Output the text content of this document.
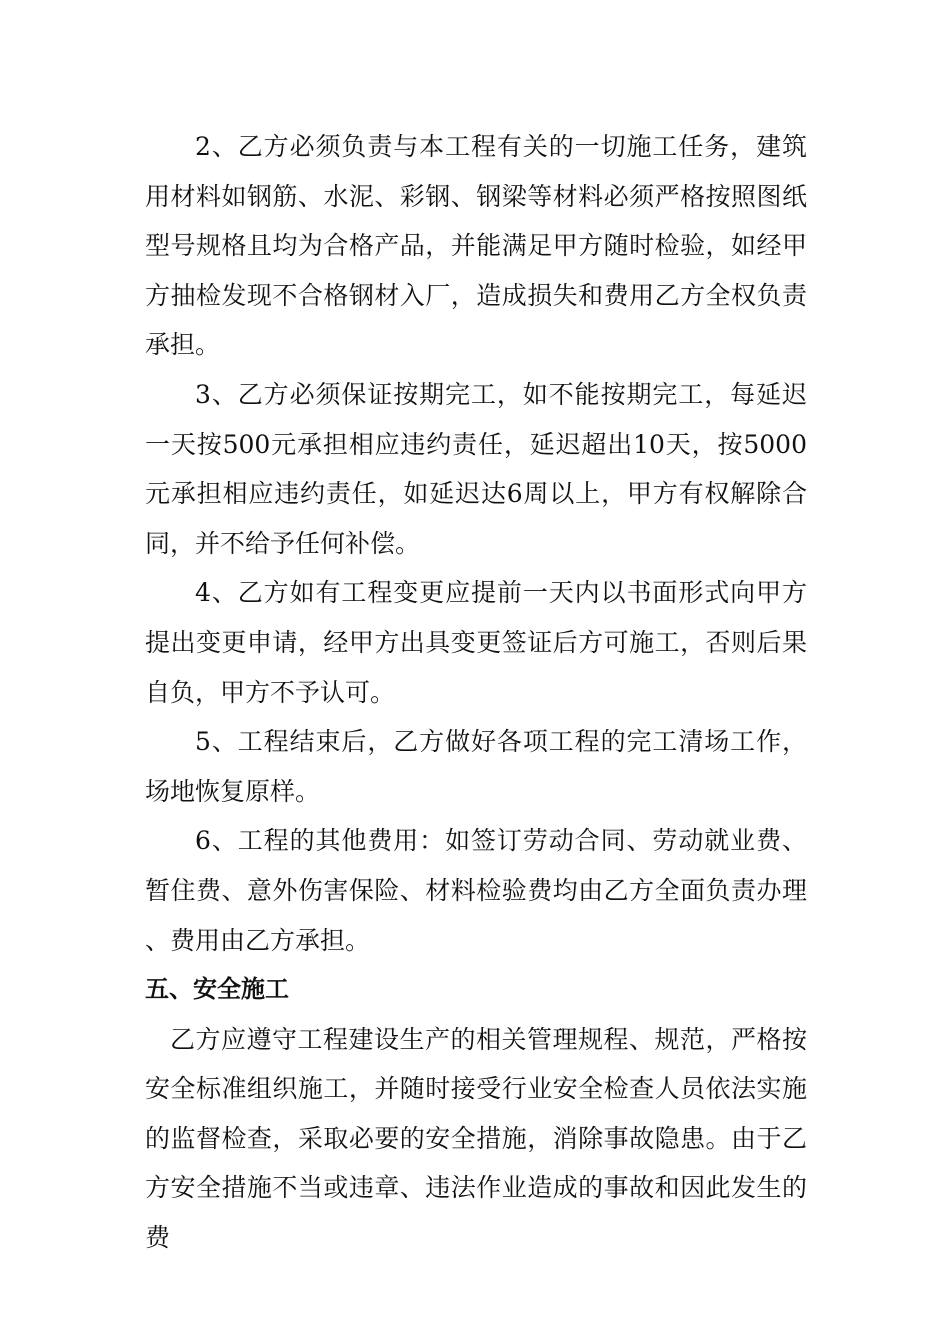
2、乙方必须负责与本工程有关的一切施工任务，建筑用材料如钢筋、水泥、彩钢、钢梁等材料必须严格按照图纸型号规格且均为合格产品，并能满足甲方随时检验，如经甲方抽检发现不合格钢材入厂，造成损失和费用乙方全权负责承担。

3、乙方必须保证按期完工，如不能按期完工，每延迟一天按500元承担相应违约责任，延迟超出10天，按5000元承担相应违约责任，如延迟达6周以上，甲方有权解除合同，并不给予任何补偿。

4、乙方如有工程变更应提前一天内以书面形式向甲方提出变更申请，经甲方出具变更签证后方可施工，否则后果自负，甲方不予认可。

5、工程结束后，乙方做好各项工程的完工清场工作，场地恢复原样。

6、工程的其他费用：如签订劳动合同、劳动就业费、暂住费、意外伤害保险、材料检验费均由乙方全面负责办理、费用由乙方承担。

五、安全施工

乙方应遵守工程建设生产的相关管理规程、规范，严格按安全标准组织施工，并随时接受行业安全检查人员依法实施的监督检查，采取必要的安全措施，消除事故隐患。由于乙方安全措施不当或违章、违法作业造成的事故和因此发生的费
